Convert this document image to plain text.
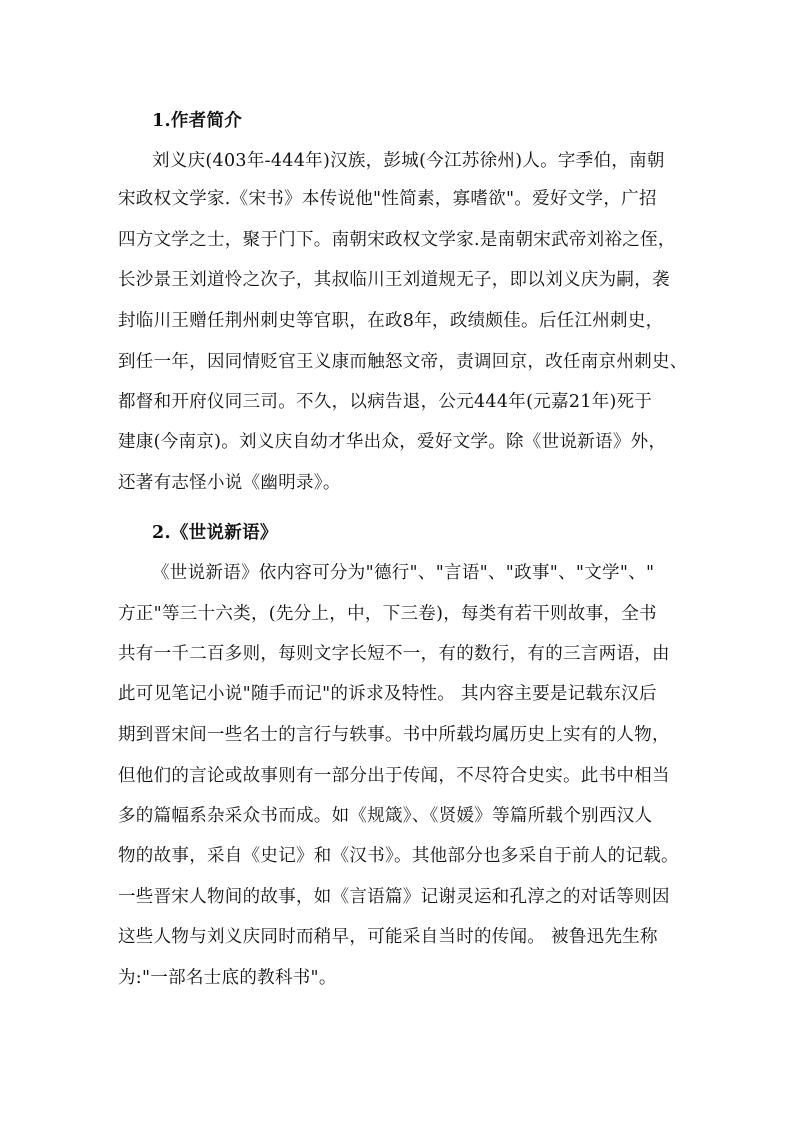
1.作者简介
刘义庆(403年-444年)汉族，彭城(今江苏徐州)人。字季伯，南朝
宋政权文学家.《宋书》本传说他"性简素，寡嗜欲"。爱好文学，广招
四方文学之士，聚于门下。南朝宋政权文学家.是南朝宋武帝刘裕之侄，
长沙景王刘道怜之次子，其叔临川王刘道规无子，即以刘义庆为嗣，袭
封临川王赠任荆州刺史等官职，在政8年，政绩颇佳。后任江州刺史，
到任一年，因同情贬官王义康而触怒文帝，责调回京，改任南京州刺史、
都督和开府仪同三司。不久，以病告退，公元444年(元嘉21年)死于
建康(今南京)。刘义庆自幼才华出众，爱好文学。除《世说新语》外，
还著有志怪小说《幽明录》。
2.《世说新语》
《世说新语》依内容可分为"德行"、"言语"、"政事"、"文学"、"
方正"等三十六类，(先分上，中，下三卷)，每类有若干则故事，全书
共有一千二百多则，每则文字长短不一，有的数行，有的三言两语，由
此可见笔记小说"随手而记"的诉求及特性。 其内容主要是记载东汉后
期到晋宋间一些名士的言行与轶事。书中所载均属历史上实有的人物，
但他们的言论或故事则有一部分出于传闻，不尽符合史实。此书中相当
多的篇幅系杂采众书而成。如《规箴》、《贤媛》等篇所载个别西汉人
物的故事，采自《史记》和《汉书》。其他部分也多采自于前人的记载。
一些晋宋人物间的故事，如《言语篇》记谢灵运和孔淳之的对话等则因
这些人物与刘义庆同时而稍早，可能采自当时的传闻。 被鲁迅先生称
为:"一部名士底的教科书"。
